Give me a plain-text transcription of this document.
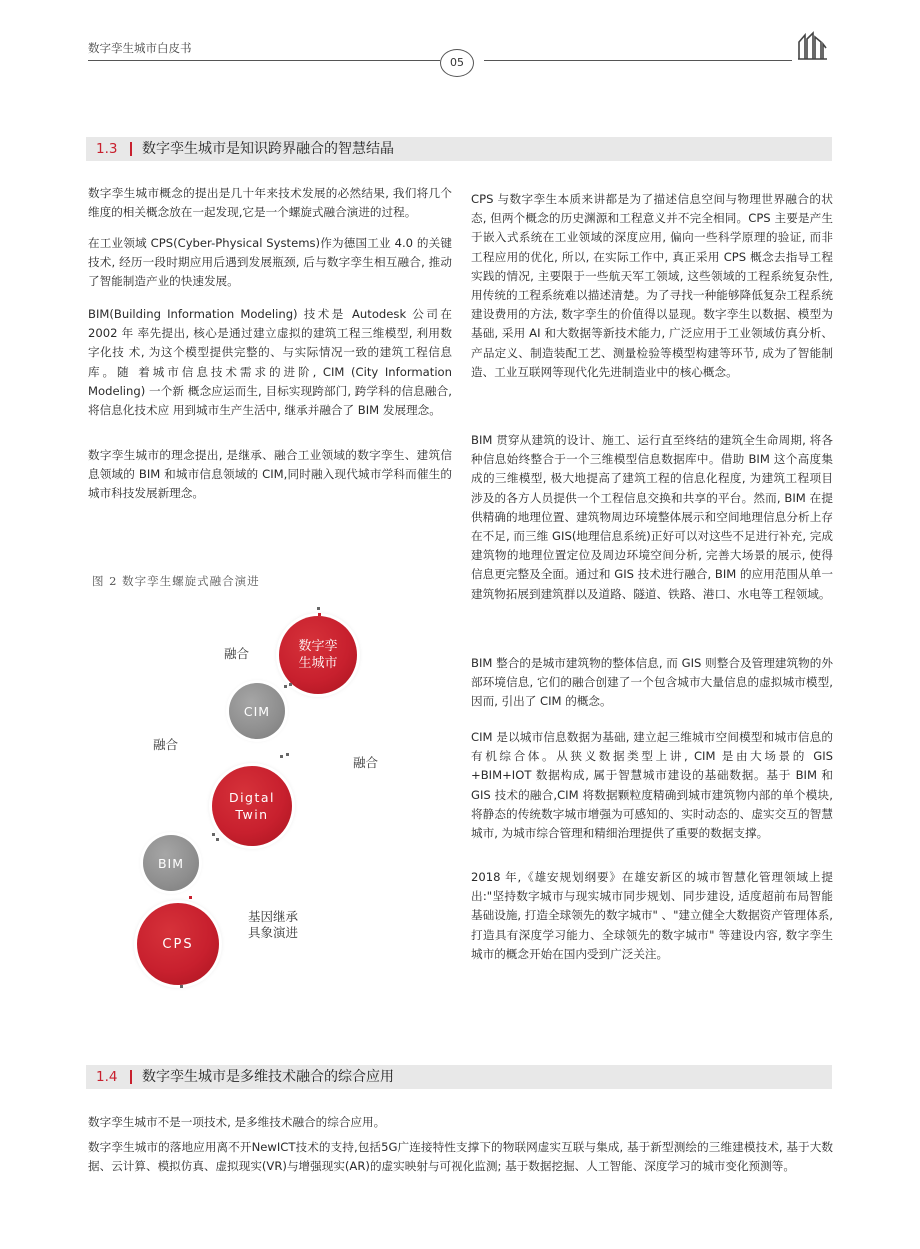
数字孪生城市白皮书
05
1.3 数字孪生城市是知识跨界融合的智慧结晶

数字孪生城市概念的提出是几十年来技术发展的必然结果, 我们将几个维度的相关概念放在一起发现,它是一个螺旋式融合演进的过程。

在工业领域 CPS(Cyber-Physical Systems)作为德国工业 4.0 的关键技术, 经历一段时期应用后遇到发展瓶颈, 后与数字孪生相互融合, 推动了智能制造产业的快速发展。

BIM(Building Information Modeling) 技术是 Autodesk 公司在2002 年 率先提出, 核心是通过建立虚拟的建筑工程三维模型, 利用数字化技 术, 为这个模型提供完整的、与实际情况一致的建筑工程信息库。随 着城市信息技术需求的进阶, CIM (City Information Modeling) 一个新 概念应运而生, 目标实现跨部门, 跨学科的信息融合, 将信息化技术应 用到城市生产生活中, 继承并融合了 BIM 发展理念。

数字孪生城市的理念提出, 是继承、融合工业领域的数字孪生、建筑信息领域的 BIM 和城市信息领域的 CIM,同时融入现代城市学科而催生的城市科技发展新理念。

CPS 与数字孪生本质来讲都是为了描述信息空间与物理世界融合的状态, 但两个概念的历史渊源和工程意义并不完全相同。CPS 主要是产生于嵌入式系统在工业领域的深度应用, 偏向一些科学原理的验证, 而非工程应用的优化, 所以, 在实际工作中, 真正采用 CPS 概念去指导工程实践的情况, 主要限于一些航天军工领域, 这些领域的工程系统复杂性, 用传统的工程系统难以描述清楚。为了寻找一种能够降低复杂工程系统建设费用的方法, 数字孪生的价值得以显现。数字孪生以数据、模型为基础, 采用 AI 和大数据等新技术能力, 广泛应用于工业领域仿真分析、产品定义、制造装配工艺、测量检验等模型构建等环节, 成为了智能制造、工业互联网等现代化先进制造业中的核心概念。

BIM 贯穿从建筑的设计、施工、运行直至终结的建筑全生命周期, 将各种信息始终整合于一个三维模型信息数据库中。借助 BIM 这个高度集成的三维模型, 极大地提高了建筑工程的信息化程度, 为建筑工程项目涉及的各方人员提供一个工程信息交换和共享的平台。然而, BIM 在提供精确的地理位置、建筑物周边环境整体展示和空间地理信息分析上存在不足, 而三维 GIS(地理信息系统)正好可以对这些不足进行补充, 完成建筑物的地理位置定位及周边环境空间分析, 完善大场景的展示, 使得信息更完整及全面。通过和 GIS 技术进行融合, BIM 的应用范围从单一建筑物拓展到建筑群以及道路、隧道、铁路、港口、水电等工程领域。

BIM 整合的是城市建筑物的整体信息, 而 GIS 则整合及管理建筑物的外部环境信息, 它们的融合创建了一个包含城市大量信息的虚拟城市模型, 因而, 引出了 CIM 的概念。

CIM 是以城市信息数据为基础, 建立起三维城市空间模型和城市信息的有机综合体。从狭义数据类型上讲, CIM 是由大场景的 GIS +BIM+IOT 数据构成, 属于智慧城市建设的基础数据。基于 BIM 和 GIS 技术的融合,CIM 将数据颗粒度精确到城市建筑物内部的单个模块, 将静态的传统数字城市增强为可感知的、实时动态的、虚实交互的智慧城市, 为城市综合管理和精细治理提供了重要的数据支撑。

2018 年,《雄安规划纲要》在雄安新区的城市智慧化管理领域上提出:"坚持数字城市与现实城市同步规划、同步建设, 适度超前布局智能基础设施, 打造全球领先的数字城市" 、"建立健全大数据资产管理体系, 打造具有深度学习能力、全球领先的数字城市" 等建设内容, 数字孪生城市的概念开始在国内受到广泛关注。

图 2 数字孪生螺旋式融合演进
数字孪
生城市
CIM
Digtal
Twin
BIM
CPS
融合
融合
融合
基因继承
具象演进
1.4 数字孪生城市是多维技术融合的综合应用

数字孪生城市不是一项技术, 是多维技术融合的综合应用。

数字孪生城市的落地应用离不开NewICT技术的支持,包括5G广连接特性支撑下的物联网虚实互联与集成, 基于新型测绘的三维建模技术, 基于大数据、云计算、模拟仿真、虚拟现实(VR)与增强现实(AR)的虚实映射与可视化监测; 基于数据挖掘、人工智能、深度学习的城市变化预测等。
